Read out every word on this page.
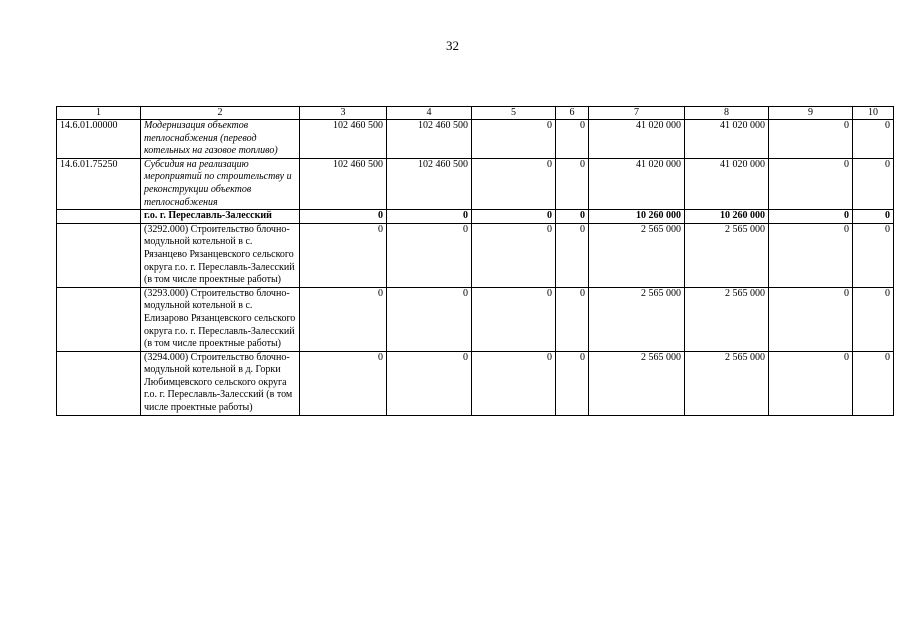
32
1	2	3	4	5	6	7	8	9	10
14.6.01.00000	Модернизация объектов теплоснабжения (перевод котельных на газовое топливо)	102 460 500	102 460 500	0	0	41 020 000	41 020 000	0	0
14.6.01.75250	Субсидия на реализацию мероприятий по строительству и реконструкции объектов теплоснабжения	102 460 500	102 460 500	0	0	41 020 000	41 020 000	0	0
	г.о. г. Переславль-Залесский	0	0	0	0	10 260 000	10 260 000	0	0
	(3292.000) Строительство блочно-модульной котельной в с. Рязанцево Рязанцевского сельского округа г.о. г. Переславль-Залесский (в том числе проектные работы)	0	0	0	0	2 565 000	2 565 000	0	0
	(3293.000) Строительство блочно-модульной котельной в с. Елизарово Рязанцевского сельского округа г.о. г. Переславль-Залесский (в том числе проектные работы)	0	0	0	0	2 565 000	2 565 000	0	0
	(3294.000) Строительство блочно-модульной котельной в д. Горки Любимцевского сельского округа г.о. г. Переславль-Залесский (в том числе проектные работы)	0	0	0	0	2 565 000	2 565 000	0	0
